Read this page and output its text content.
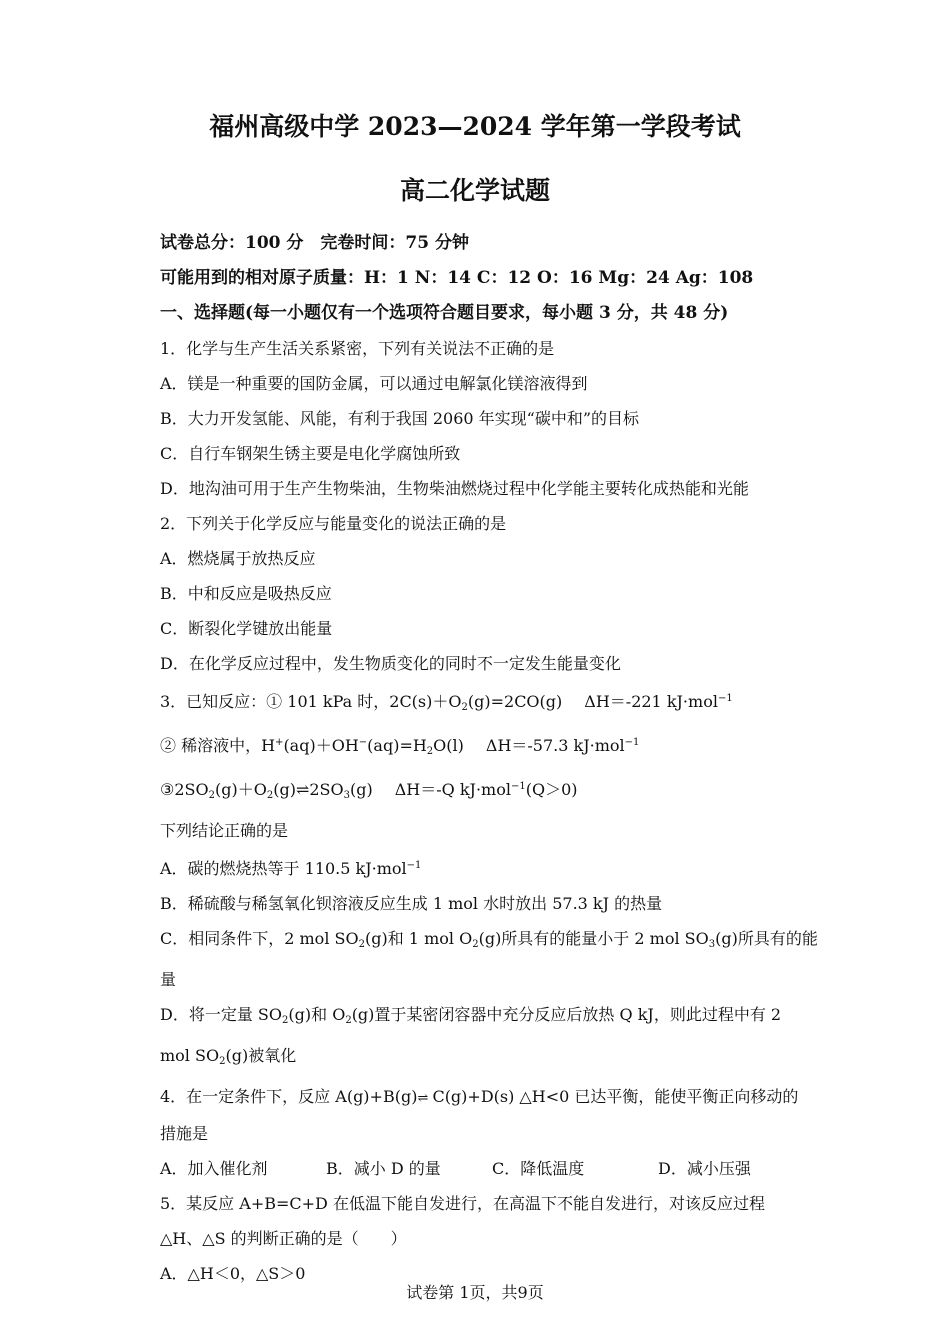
福州高级中学 2023—2024 学年第一学段考试
高二化学试题
试卷总分：100 分　完卷时间：75 分钟
可能用到的相对原子质量：H：1 N：14 C：12 O：16 Mg：24 Ag：108
一、选择题(每一小题仅有一个选项符合题目要求，每小题 3 分，共 48 分)
1．化学与生产生活关系紧密，下列有关说法不正确的是
A．镁是一种重要的国防金属，可以通过电解氯化镁溶液得到
B．大力开发氢能、风能，有利于我国 2060 年实现“碳中和”的目标
C．自行车钢架生锈主要是电化学腐蚀所致
D．地沟油可用于生产生物柴油，生物柴油燃烧过程中化学能主要转化成热能和光能
2．下列关于化学反应与能量变化的说法正确的是
A．燃烧属于放热反应
B．中和反应是吸热反应
C．断裂化学键放出能量
D．在化学反应过程中，发生物质变化的同时不一定发生能量变化
3．已知反应：① 101 kPa 时，$2C(s)+O_2(g)=2CO(g)$ ΔH＝-221 kJ·mol$^{-1}$
② 稀溶液中，$H^+(aq)+OH^-(aq)=H_2O(l)$ ΔH＝-57.3 kJ·mol$^{-1}$
$③2SO_2(g)+O_2(g)\rightleftharpoons 2SO_3(g)$ ΔH＝-Q kJ·mol$^{-1}$(Q＞0)
下列结论正确的是
A．碳的燃烧热等于 110.5 kJ·mol$^{-1}$
B．稀硫酸与稀氢氧化钡溶液反应生成 1 mol 水时放出 57.3 kJ 的热量
C．相同条件下，2 mol $SO_2(g)$和 1 mol $O_2(g)$所具有的能量小于 2 mol $SO_3(g)$所具有的能
量
D．将一定量 $SO_2(g)$和 $O_2(g)$置于某密闭容器中充分反应后放热 Q kJ，则此过程中有 2
mol $SO_2(g)$被氧化
4．在一定条件下，反应 A(g)+B(g)⇌ C(g)+D(s) △H<0 已达平衡，能使平衡正向移动的
措施是
A．加入催化剂	B．减小 D 的量	C．降低温度	D．减小压强
5．某反应 A+B=C+D 在低温下能自发进行，在高温下不能自发进行，对该反应过程
△H、△S 的判断正确的是（　　）
A．△H＜0，△S＞0
试卷第 1页，共9页
